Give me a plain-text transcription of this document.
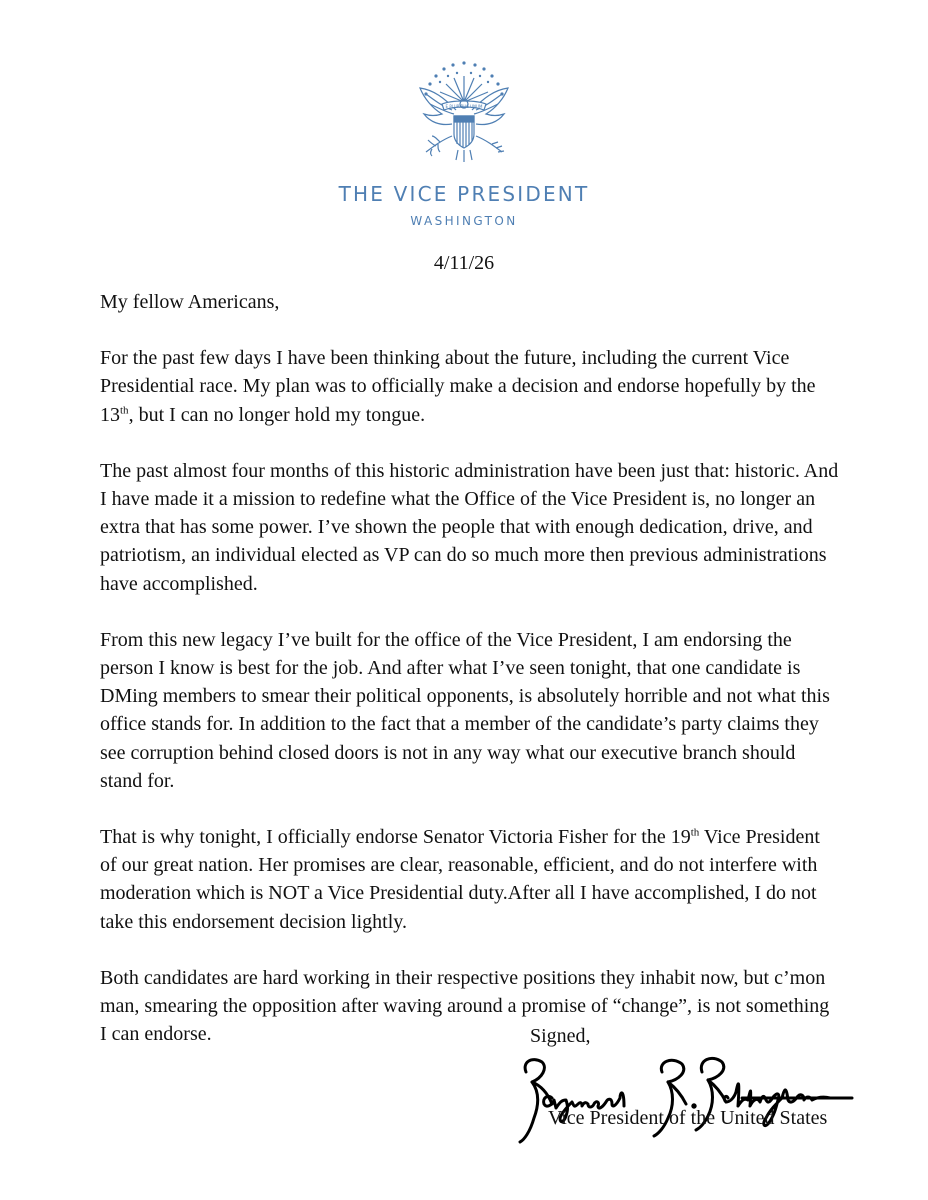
E PLURIBUS UNUM
THE VICE PRESIDENT
WASHINGTON
4/11/26

My fellow Americans,

For the past few days I have been thinking about the future, including the current Vice Presidential race. My plan was to officially make a decision and endorse hopefully by the 13th, but I can no longer hold my tongue.

The past almost four months of this historic administration have been just that: historic. And I have made it a mission to redefine what the Office of the Vice President is, no longer an extra that has some power. I’ve shown the people that with enough dedication, drive, and patriotism, an individual elected as VP can do so much more then previous administrations have accomplished.

From this new legacy I’ve built for the office of the Vice President, I am endorsing the person I know is best for the job. And after what I’ve seen tonight, that one candidate is DMing members to smear their political opponents, is absolutely horrible and not what this office stands for. In addition to the fact that a member of the candidate’s party claims they see corruption behind closed doors is not in any way what our executive branch should stand for.

That is why tonight, I officially endorse Senator Victoria Fisher for the 19th Vice President of our great nation. Her promises are clear, reasonable, efficient, and do not interfere with moderation which is NOT a Vice Presidential duty.After all I have accomplished, I do not take this endorsement decision lightly.

Both candidates are hard working in their respective positions they inhabit now, but c’mon man, smearing the opposition after waving around a promise of “change”, is not something I can endorse.	Signed,
Vice President of the United States
